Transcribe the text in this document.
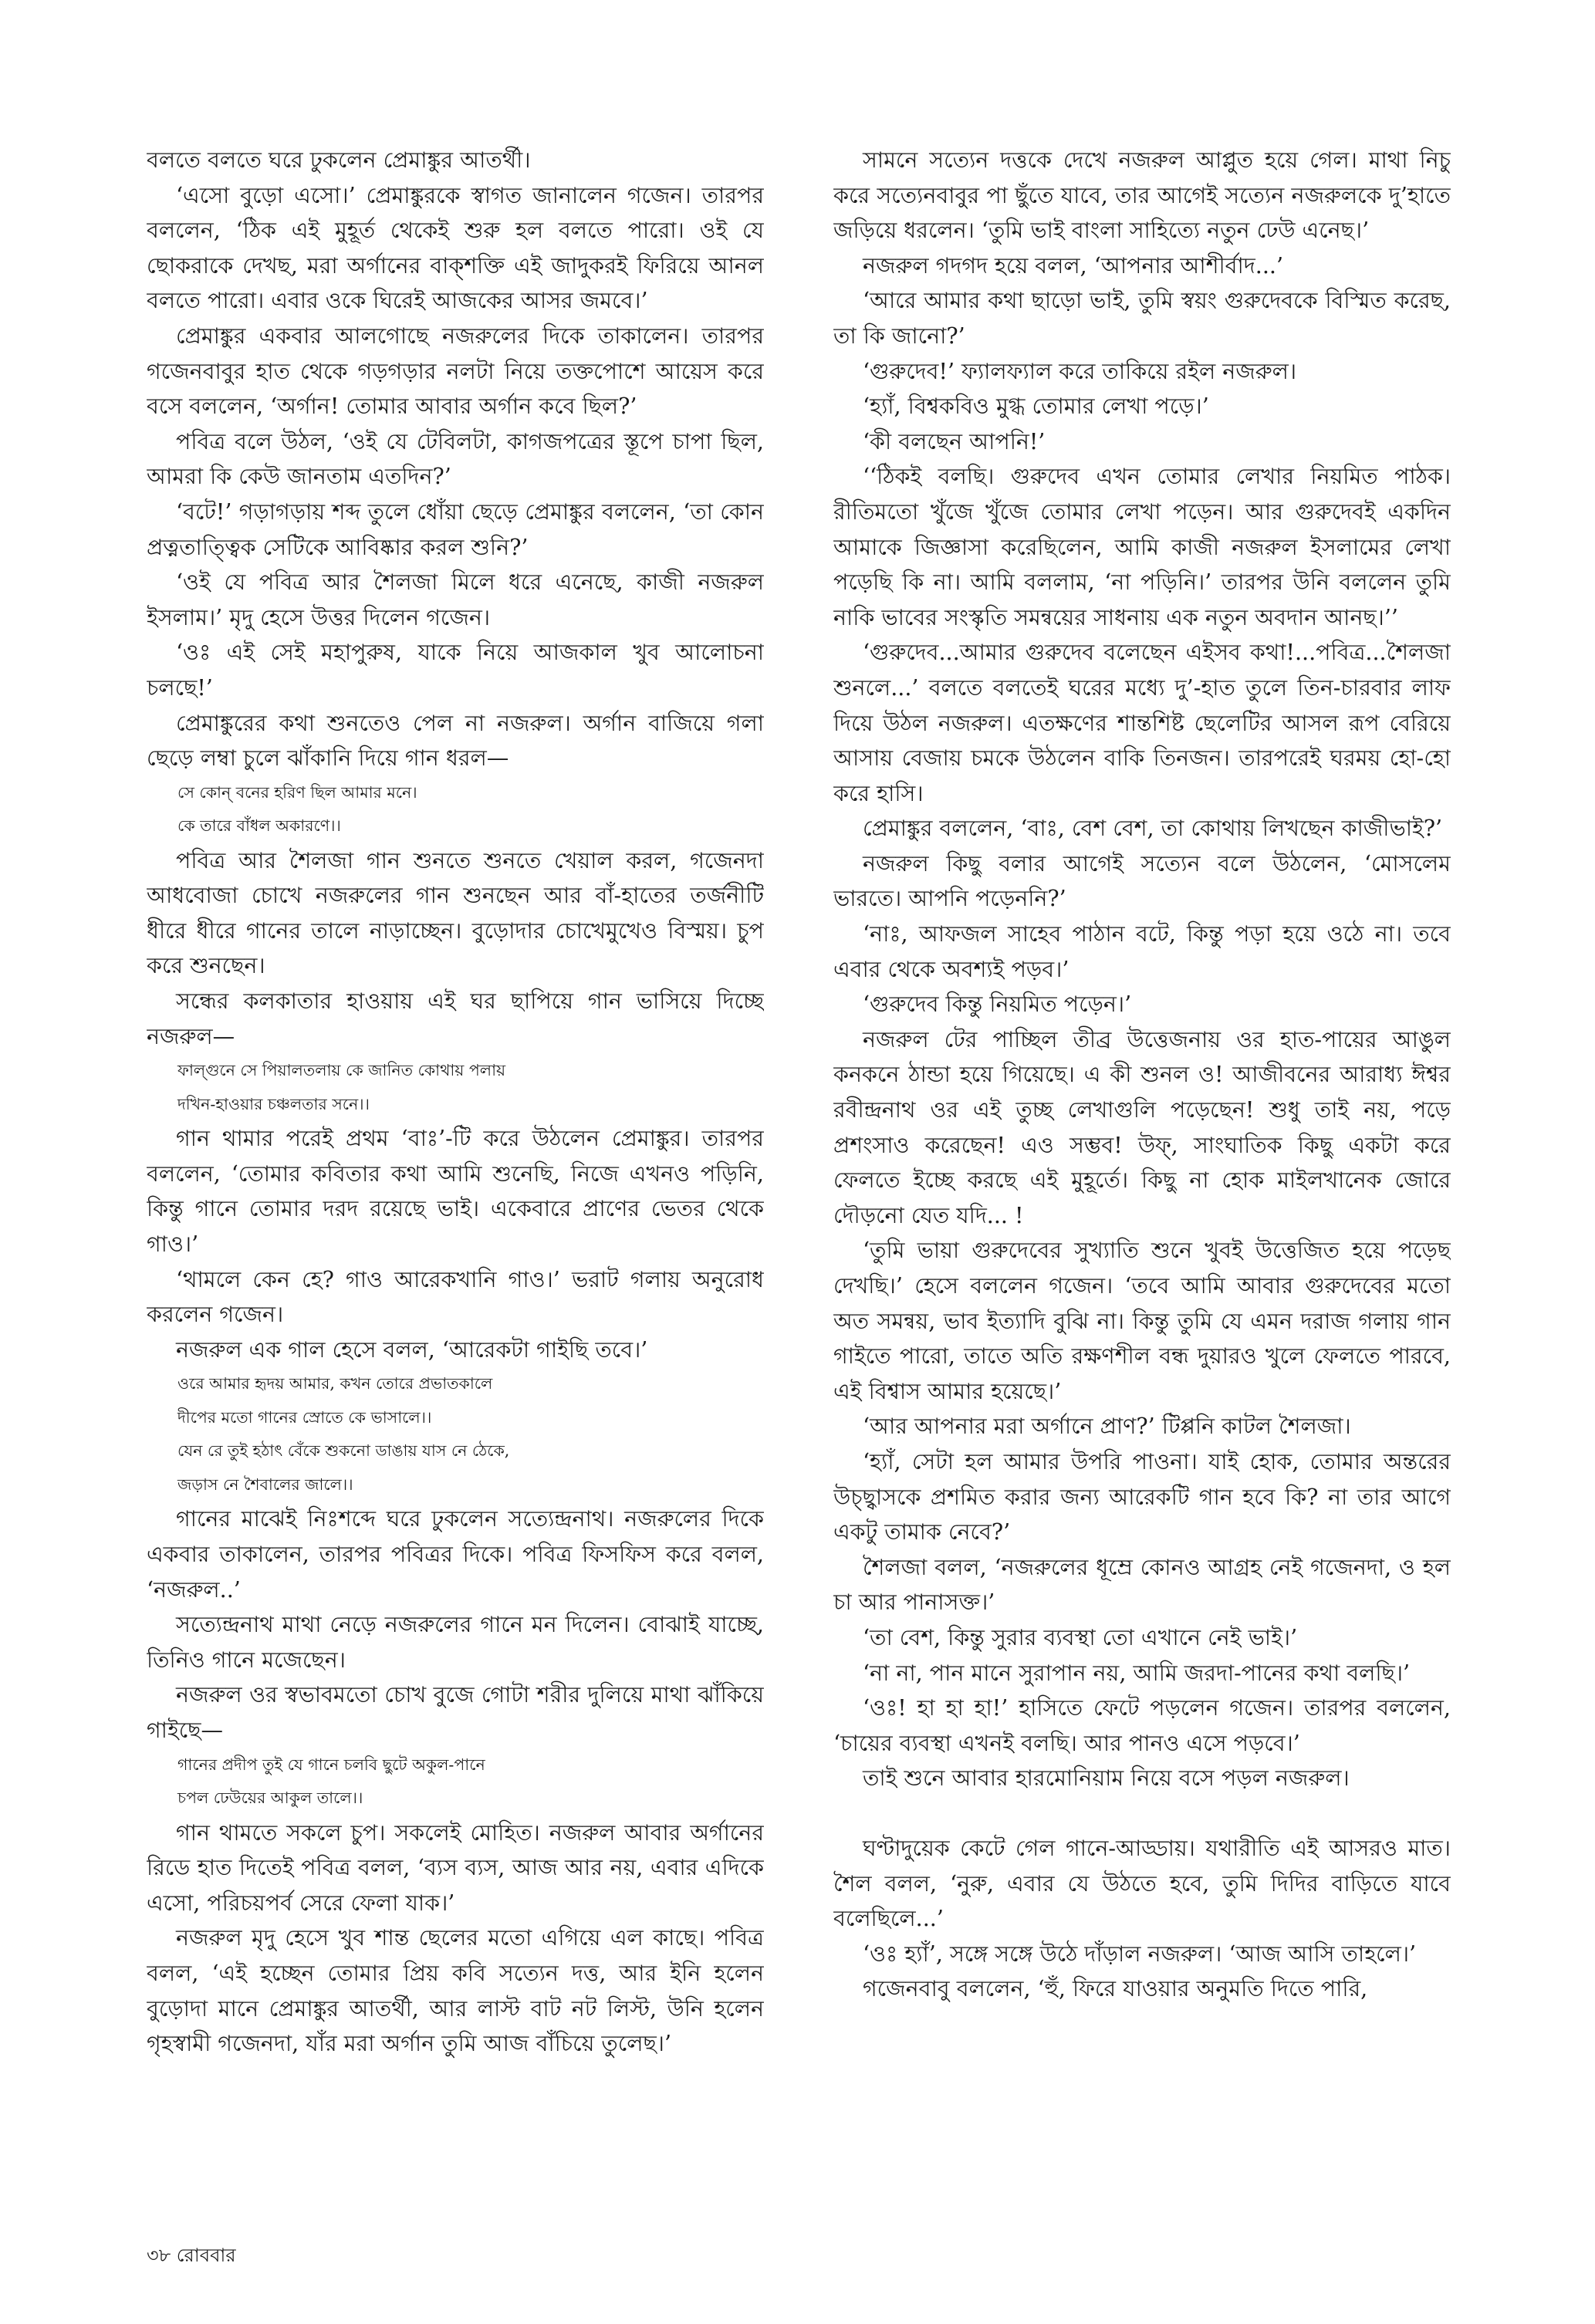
বলতে বলতে ঘরে ঢুকলেন প্রেমাঙ্কুর আতর্থী।

‘এসো বুড়ো এসো।’ প্রেমাঙ্কুরকে স্বাগত জানালেন গজেন। তারপর বললেন, ‘ঠিক এই মুহূর্ত থেকেই শুরু হল বলতে পারো। ওই যে ছোকরাকে দেখছ, মরা অর্গানের বাক্‌শক্তি এই জাদুকরই ফিরিয়ে আনল বলতে পারো। এবার ওকে ঘিরেই আজকের আসর জমবে।’

প্রেমাঙ্কুর একবার আলগোছে নজরুলের দিকে তাকালেন। তারপর গজেনবাবুর হাত থেকে গড়গড়ার নলটা নিয়ে তক্তপোশে আয়েস করে বসে বললেন, ‘অর্গান! তোমার আবার অর্গান কবে ছিল?’

পবিত্র বলে উঠল, ‘ওই যে টেবিলটা, কাগজপত্রের স্তূপে চাপা ছিল, আমরা কি কেউ জানতাম এতদিন?’

‘বটে!’ গড়াগড়ায় শব্দ তুলে ধোঁয়া ছেড়ে প্রেমাঙ্কুর বললেন, ‘তা কোন প্রত্নতাত্ত্বিক সেটিকে আবিষ্কার করল শুনি?’

‘ওই যে পবিত্র আর শৈলজা মিলে ধরে এনেছে, কাজী নজরুল ইসলাম।’ মৃদু হেসে উত্তর দিলেন গজেন।

‘ওঃ এই সেই মহাপুরুষ, যাকে নিয়ে আজকাল খুব আলোচনা চলছে!’

প্রেমাঙ্কুরের কথা শুনতেও পেল না নজরুল। অর্গান বাজিয়ে গলা ছেড়ে লম্বা চুলে ঝাঁকানি দিয়ে গান ধরল—

সে কোন্‌ বনের হরিণ ছিল আমার মনে।

কে তারে বাঁধল অকারণে।।

পবিত্র আর শৈলজা গান শুনতে শুনতে খেয়াল করল, গজেনদা আধবোজা চোখে নজরুলের গান শুনছেন আর বাঁ-হাতের তর্জনীটি ধীরে ধীরে গানের তালে নাড়াচ্ছেন। বুড়োদার চোখেমুখেও বিস্ময়। চুপ করে শুনছেন।

সন্ধের কলকাতার হাওয়ায় এই ঘর ছাপিয়ে গান ভাসিয়ে দিচ্ছে নজরুল—

ফাল্গুনে সে পিয়ালতলায় কে জানিত কোথায় পলায়

দখিন-হাওয়ার চঞ্চলতার সনে।।

গান থামার পরেই প্রথম ‘বাঃ’-টি করে উঠলেন প্রেমাঙ্কুর। তারপর বললেন, ‘তোমার কবিতার কথা আমি শুনেছি, নিজে এখনও পড়িনি, কিন্তু গানে তোমার দরদ রয়েছে ভাই। একেবারে প্রাণের ভেতর থেকে গাও।’

‘থামলে কেন হে? গাও আরেকখানি গাও।’ ভরাট গলায় অনুরোধ করলেন গজেন।

নজরুল এক গাল হেসে বলল, ‘আরেকটা গাইছি তবে।’

ওরে আমার হৃদয় আমার, কখন তোরে প্রভাতকালে

দীপের মতো গানের স্রোতে কে ভাসালে।।

যেন রে তুই হঠাৎ বেঁকে শুকনো ডাঙায় যাস নে ঠেকে,

জড়াস নে শৈবালের জালে।।

গানের মাঝেই নিঃশব্দে ঘরে ঢুকলেন সত্যেন্দ্রনাথ। নজরুলের দিকে একবার তাকালেন, তারপর পবিত্রর দিকে। পবিত্র ফিসফিস করে বলল, ‘নজরুল..’

সত্যেন্দ্রনাথ মাথা নেড়ে নজরুলের গানে মন দিলেন। বোঝাই যাচ্ছে, তিনিও গানে মজেছেন।

নজরুল ওর স্বভাবমতো চোখ বুজে গোটা শরীর দুলিয়ে মাথা ঝাঁকিয়ে গাইছে—

গানের প্রদীপ তুই যে গানে চলবি ছুটে অকুল-পানে

চপল ঢেউয়ের আকুল তালে।।

গান থামতে সকলে চুপ। সকলেই মোহিত। নজরুল আবার অর্গানের রিডে হাত দিতেই পবিত্র বলল, ‘ব্যস ব্যস, আজ আর নয়, এবার এদিকে এসো, পরিচয়পর্ব সেরে ফেলা যাক।’

নজরুল মৃদু হেসে খুব শান্ত ছেলের মতো এগিয়ে এল কাছে। পবিত্র বলল, ‘এই হচ্ছেন তোমার প্রিয় কবি সত্যেন দত্ত, আর ইনি হলেন বুড়োদা মানে প্রেমাঙ্কুর আতর্থী, আর লাস্ট বাট নট লিস্ট, উনি হলেন গৃহস্বামী গজেনদা, যাঁর মরা অর্গান তুমি আজ বাঁচিয়ে তুলেছ।’

সামনে সত্যেন দত্তকে দেখে নজরুল আপ্লুত হয়ে গেল। মাথা নিচু করে সত্যেনবাবুর পা ছুঁতে যাবে, তার আগেই সত্যেন নজরুলকে দু’হাতে জড়িয়ে ধরলেন। ‘তুমি ভাই বাংলা সাহিত্যে নতুন ঢেউ এনেছ।’

নজরুল গদগদ হয়ে বলল, ‘আপনার আশীর্বাদ...’

‘আরে আমার কথা ছাড়ো ভাই, তুমি স্বয়ং গুরুদেবকে বিস্মিত করেছ, তা কি জানো?’

‘গুরুদেব!’ ফ্যালফ্যাল করে তাকিয়ে রইল নজরুল।

‘হ্যাঁ, বিশ্বকবিও মুগ্ধ তোমার লেখা পড়ে।’

‘কী বলছেন আপনি!’

‘‘ঠিকই বলছি। গুরুদেব এখন তোমার লেখার নিয়মিত পাঠক। রীতিমতো খুঁজে খুঁজে তোমার লেখা পড়েন। আর গুরুদেবই একদিন আমাকে জিজ্ঞাসা করেছিলেন, আমি কাজী নজরুল ইসলামের লেখা পড়েছি কি না। আমি বললাম, ‘না পড়িনি।’ তারপর উনি বললেন তুমি নাকি ভাবের সংস্কৃতি সমন্বয়ের সাধনায় এক নতুন অবদান আনছ।’’

‘গুরুদেব...আমার গুরুদেব বলেছেন এইসব কথা!...পবিত্র...শৈলজা শুনলে...’ বলতে বলতেই ঘরের মধ্যে দু’-হাত তুলে তিন-চারবার লাফ দিয়ে উঠল নজরুল। এতক্ষণের শান্তশিষ্ট ছেলেটির আসল রূপ বেরিয়ে আসায় বেজায় চমকে উঠলেন বাকি তিনজন। তারপরেই ঘরময় হো-হো করে হাসি।

প্রেমাঙ্কুর বললেন, ‘বাঃ, বেশ বেশ, তা কোথায় লিখছেন কাজীভাই?’

নজরুল কিছু বলার আগেই সত্যেন বলে উঠলেন, ‘মোসলেম ভারতে। আপনি পড়েননি?’

‘নাঃ, আফজল সাহেব পাঠান বটে, কিন্তু পড়া হয়ে ওঠে না। তবে এবার থেকে অবশ্যই পড়ব।’

‘গুরুদেব কিন্তু নিয়মিত পড়েন।’

নজরুল টের পাচ্ছিল তীব্র উত্তেজনায় ওর হাত-পায়ের আঙুল কনকনে ঠান্ডা হয়ে গিয়েছে। এ কী শুনল ও! আজীবনের আরাধ্য ঈশ্বর রবীন্দ্রনাথ ওর এই তুচ্ছ লেখাগুলি পড়েছেন! শুধু তাই নয়, পড়ে প্রশংসাও করেছেন! এও সম্ভব! উফ্‌, সাংঘাতিক কিছু একটা করে ফেলতে ইচ্ছে করছে এই মুহূর্তে। কিছু না হোক মাইলখানেক জোরে দৌড়নো যেত যদি... !

‘তুমি ভায়া গুরুদেবের সুখ্যাতি শুনে খুবই উত্তেজিত হয়ে পড়েছ দেখছি।’ হেসে বললেন গজেন। ‘তবে আমি আবার গুরুদেবের মতো অত সমন্বয়, ভাব ইত্যাদি বুঝি না। কিন্তু তুমি যে এমন দরাজ গলায় গান গাইতে পারো, তাতে অতি রক্ষণশীল বন্ধ দুয়ারও খুলে ফেলতে পারবে, এই বিশ্বাস আমার হয়েছে।’

‘আর আপনার মরা অর্গানে প্রাণ?’ টিপ্পনি কাটল শৈলজা।

‘হ্যাঁ, সেটা হল আমার উপরি পাওনা। যাই হোক, তোমার অন্তরের উচ্ছ্বাসকে প্রশমিত করার জন্য আরেকটি গান হবে কি? না তার আগে একটু তামাক নেবে?’

শৈলজা বলল, ‘নজরুলের ধূম্রে কোনও আগ্রহ নেই গজেনদা, ও হল চা আর পানাসক্ত।’

‘তা বেশ, কিন্তু সুরার ব্যবস্থা তো এখানে নেই ভাই।’

‘না না, পান মানে সুরাপান নয়, আমি জরদা-পানের কথা বলছি।’

‘ওঃ! হা হা হা!’ হাসিতে ফেটে পড়লেন গজেন। তারপর বললেন, ‘চায়ের ব্যবস্থা এখনই বলছি। আর পানও এসে পড়বে।’

তাই শুনে আবার হারমোনিয়াম নিয়ে বসে পড়ল নজরুল।

ঘণ্টাদুয়েক কেটে গেল গানে-আড্ডায়। যথারীতি এই আসরও মাত। শৈল বলল, ‘নুরু, এবার যে উঠতে হবে, তুমি দিদির বাড়িতে যাবে বলেছিলে...’

‘ওঃ হ্যাঁ’, সঙ্গে সঙ্গে উঠে দাঁড়াল নজরুল। ‘আজ আসি তাহলে।’

গজেনবাবু বললেন, ‘হুঁ, ফিরে যাওয়ার অনুমতি দিতে পারি,

৩৮ রোববার
